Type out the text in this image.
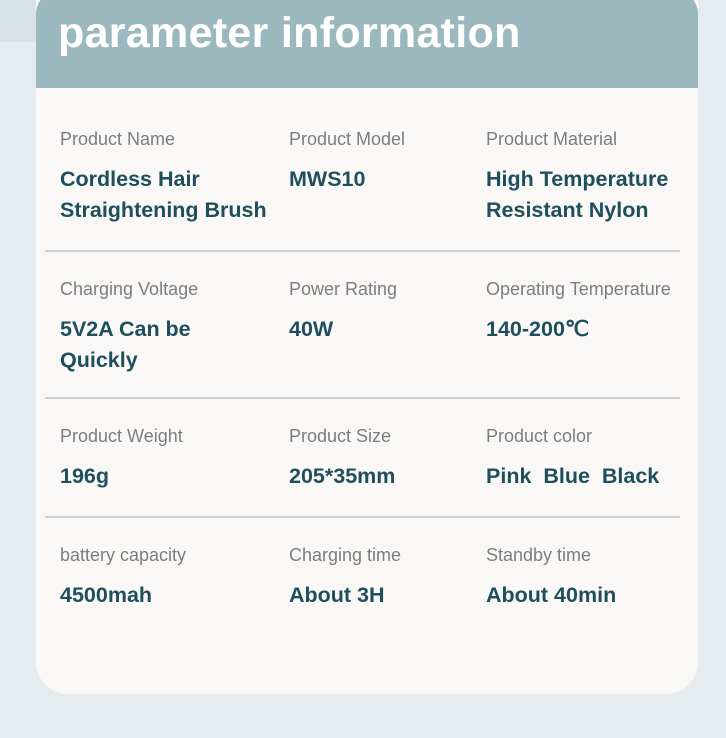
parameter information
Product Name
Cordless Hair
Straightening Brush
Product Model
MWS10
Product Material
High Temperature
Resistant Nylon
Charging Voltage
5V2A Can be
Quickly
Power Rating
40W
Operating Temperature
140-200℃
Product Weight
196g
Product Size
205*35mm
Product color
Pink  Blue  Black
battery capacity
4500mah
Charging time
About 3H
Standby time
About 40min
